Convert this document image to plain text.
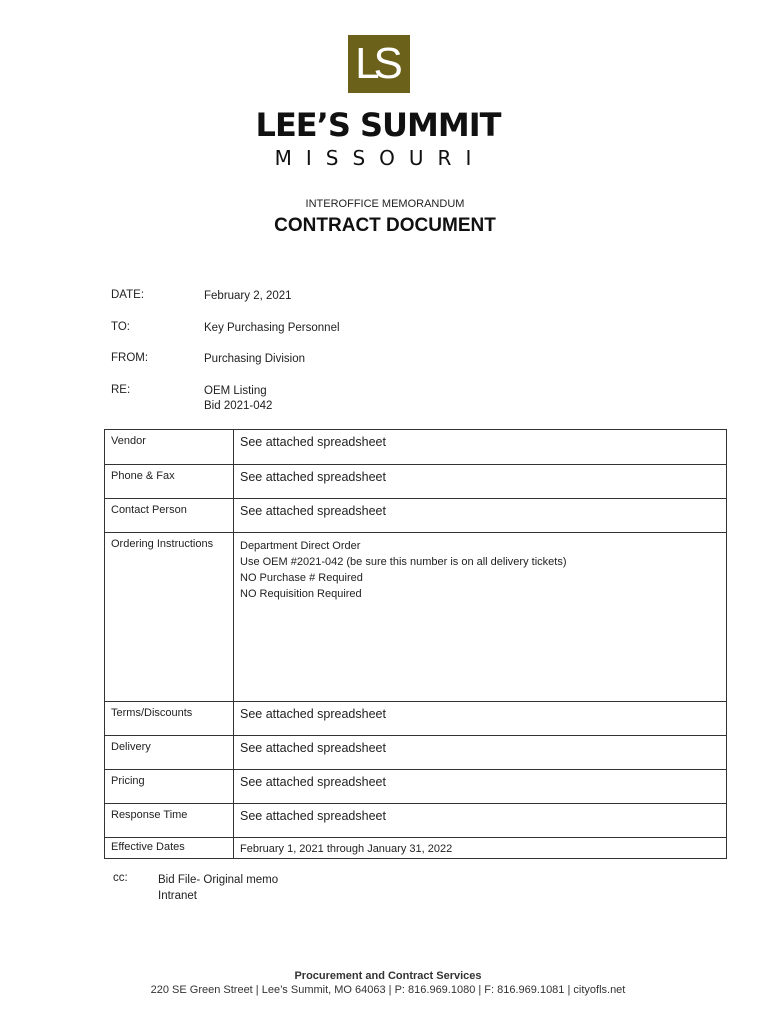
LS
LEE’S SUMMIT
MISSOURI
INTEROFFICE MEMORANDUM
CONTRACT DOCUMENT
DATE:	February 2, 2021
TO:	Key Purchasing Personnel
FROM:	Purchasing Division
RE:	OEM Listing
Bid 2021-042
Vendor	See attached spreadsheet
Phone & Fax	See attached spreadsheet
Contact Person	See attached spreadsheet
Ordering Instructions	Department Direct Order
Use OEM #2021-042 (be sure this number is on all delivery tickets)
NO Purchase # Required
NO Requisition Required

Terms/Discounts	See attached spreadsheet
Delivery	See attached spreadsheet
Pricing	See attached spreadsheet
Response Time	See attached spreadsheet
Effective Dates	February 1, 2021 through January 31, 2022
cc:	Bid File- Original memo
Intranet
Procurement and Contract Services
220 SE Green Street | Lee’s Summit, MO 64063 | P: 816.969.1080 | F: 816.969.1081 | cityofls.net
